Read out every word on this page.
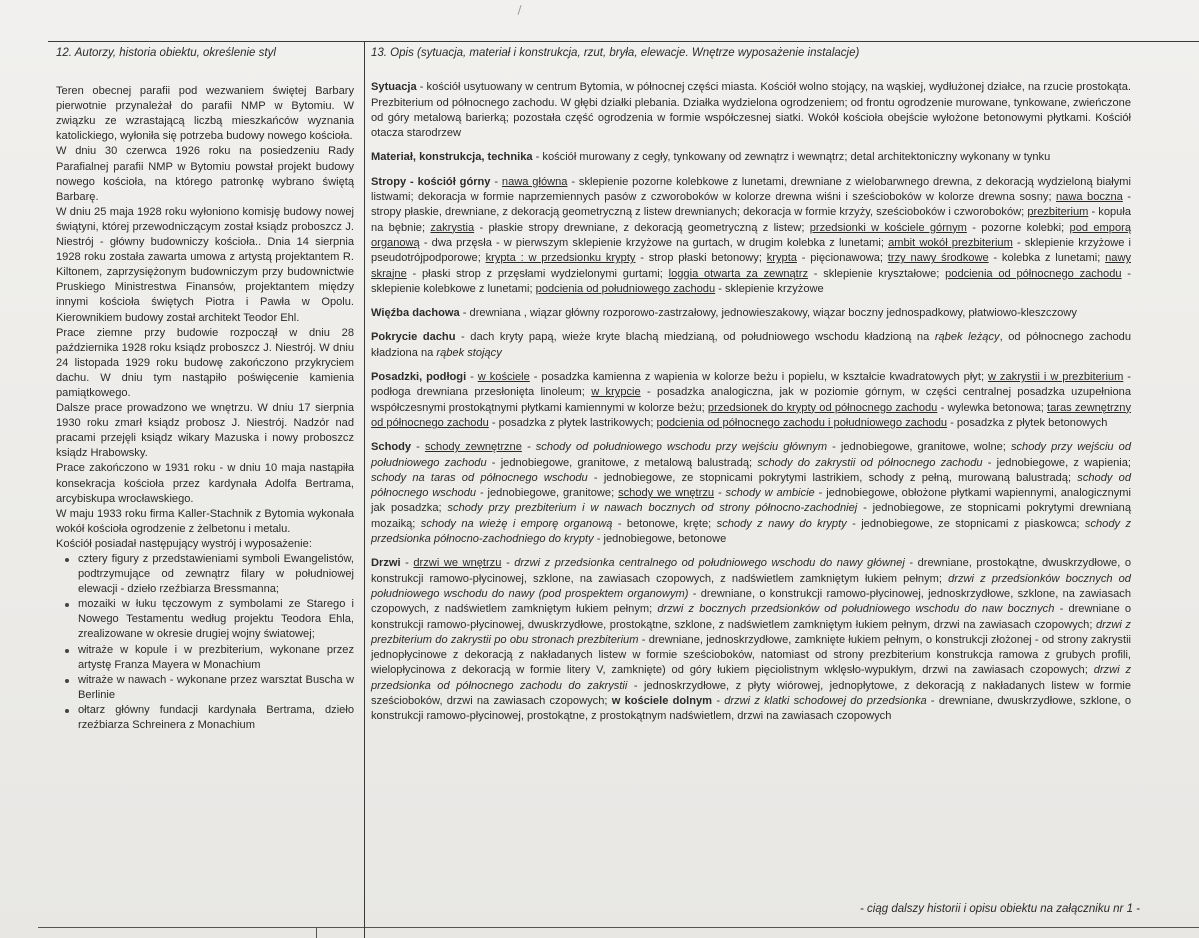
12. Autorzy, historia obiektu, określenie styl

Teren obecnej parafii pod wezwaniem świętej Barbary pierwotnie przynależał do parafii NMP w Bytomiu. W związku ze wzrastającą liczbą mieszkańców wyznania katolickiego, wyłoniła się potrzeba budowy nowego kościoła.

W dniu 30 czerwca 1926 roku na posiedzeniu Rady Parafialnej parafii NMP w Bytomiu powstał projekt budowy nowego kościoła, na którego patronkę wybrano świętą Barbarę.

W dniu 25 maja 1928 roku wyłoniono komisję budowy nowej świątyni, której przewodniczącym został ksiądz proboszcz J. Niestrój - główny budowniczy kościoła.. Dnia 14 sierpnia 1928 roku została zawarta umowa z artystą projektantem R. Kiltonem, zaprzysiężonym budowniczym przy budownictwie Pruskiego Ministrestwa Finansów, projektantem między innymi kościoła świętych Piotra i Pawła w Opolu. Kierownikiem budowy został architekt Teodor Ehl.

Prace ziemne przy budowie rozpoczął w dniu 28 października 1928 roku ksiądz proboszcz J. Niestrój. W dniu 24 listopada 1929 roku budowę zakończono przykryciem dachu. W dniu tym nastąpiło poświęcenie kamienia pamiątkowego.

Dalsze prace prowadzono we wnętrzu. W dniu 17 sierpnia 1930 roku zmarł ksiądz probosz J. Niestrój. Nadzór nad pracami przejęli ksiądz wikary Mazuska i nowy proboszcz ksiądz Hrabowsky.

Prace zakończono w 1931 roku - w dniu 10 maja nastąpiła konsekracja kościoła przez kardynała Adolfa Bertrama, arcybiskupa wrocławskiego.

W maju 1933 roku firma Kaller-Stachnik z Bytomia wykonała wokół kościoła ogrodzenie z żelbetonu i metalu.

Kościół posiadał następujący wystrój i wyposażenie:

cztery figury z przedstawieniami symboli Ewangelistów, podtrzymujące od zewnątrz filary w południowej elewacji - dzieło rzeźbiarza Bressmanna;
mozaiki w łuku tęczowym z symbolami ze Starego i Nowego Testamentu według projektu Teodora Ehla, zrealizowane w okresie drugiej wojny światowej;
witraże w kopule i w prezbiterium, wykonane przez artystę Franza Mayera w Monachium
witraże w nawach - wykonane przez warsztat Buscha w Berlinie
ołtarz główny fundacji kardynała Bertrama, dzieło rzeźbiarza Schreinera z Monachium
13. Opis (sytuacja, materiał i konstrukcja, rzut, bryła, elewacje. Wnętrze wyposażenie instalacje)

Sytuacja - kościół usytuowany w centrum Bytomia, w północnej części miasta. Kościół wolno stojący, na wąskiej, wydłużonej działce, na rzucie prostokąta. Prezbiterium od północnego zachodu. W głębi działki plebania. Działka wydzielona ogrodzeniem; od frontu ogrodzenie murowane, tynkowane, zwieńczone od góry metalową barierką; pozostała część ogrodzenia w formie współczesnej siatki. Wokół kościoła obejście wyłożone betonowymi płytkami. Kościół otacza starodrzew

Materiał, konstrukcja, technika - kościół murowany z cegły, tynkowany od zewnątrz i wewnątrz; detal architektoniczny wykonany w tynku

Stropy - kościół górny - nawa główna - sklepienie pozorne kolebkowe z lunetami, drewniane z wielobarwnego drewna, z dekoracją wydzieloną białymi listwami; dekoracja w formie naprzemiennych pasów z czworoboków w kolorze drewna wiśni i sześcioboków w kolorze drewna sosny; nawa boczna - stropy płaskie, drewniane, z dekoracją geometryczną z listew drewnianych; dekoracja w formie krzyży, sześcioboków i czworoboków; prezbiterium - kopuła na bębnie; zakrystia - płaskie stropy drewniane, z dekoracją geometryczną z listew; przedsionki w kościele górnym - pozorne kolebki; pod emporą organową - dwa przęsła - w pierwszym sklepienie krzyżowe na gurtach, w drugim kolebka z lunetami; ambit wokół prezbiterium - sklepienie krzyżowe i pseudotrójpodporowe; krypta : w przedsionku krypty - strop płaski betonowy; krypta - pięcionawowa; trzy nawy środkowe - kolebka z lunetami; nawy skrajne - płaski strop z przęsłami wydzielonymi gurtami; loggia otwarta za zewnątrz - sklepienie kryształowe; podcienia od północnego zachodu - sklepienie kolebkowe z lunetami; podcienia od południowego zachodu - sklepienie krzyżowe

Więźba dachowa - drewniana , wiązar główny rozporowo-zastrzałowy, jednowieszakowy, wiązar boczny jednospadkowy, płatwiowo-kleszczowy

Pokrycie dachu - dach kryty papą, wieże kryte blachą miedzianą, od południowego wschodu kładzioną na rąbek leżący, od północnego zachodu kładziona na rąbek stojący

Posadzki, podłogi - w kościele - posadzka kamienna z wapienia w kolorze beżu i popielu, w kształcie kwadratowych płyt; w zakrystii i w prezbiterium - podłoga drewniana przesłonięta linoleum; w krypcie - posadzka analogiczna, jak w poziomie górnym, w części centralnej posadzka uzupełniona współczesnymi prostokątnymi płytkami kamiennymi w kolorze beżu; przedsionek do krypty od północnego zachodu - wylewka betonowa; taras zewnętrzny od północnego zachodu - posadzka z płytek lastrikowych; podcienia od północnego zachodu i południowego zachodu - posadzka z płytek betonowych

Schody - schody zewnętrzne - schody od południowego wschodu przy wejściu głównym - jednobiegowe, granitowe, wolne; schody przy wejściu od południowego zachodu - jednobiegowe, granitowe, z metalową balustradą; schody do zakrystii od północnego zachodu - jednobiegowe, z wapienia; schody na taras od północnego wschodu - jednobiegowe, ze stopnicami pokrytymi lastrikiem, schody z pełną, murowaną balustradą; schody od północnego wschodu - jednobiegowe, granitowe; schody we wnętrzu - schody w ambicie - jednobiegowe, obłożone płytkami wapiennymi, analogicznymi jak posadzka; schody przy prezbiterium i w nawach bocznych od strony północno-zachodniej - jednobiegowe, ze stopnicami pokrytymi drewnianą mozaiką; schody na wieżę i emporę organową - betonowe, kręte; schody z nawy do krypty - jednobiegowe, ze stopnicami z piaskowca; schody z przedsionka północno-zachodniego do krypty - jednobiegowe, betonowe

Drzwi - drzwi we wnętrzu - drzwi z przedsionka centralnego od południowego wschodu do nawy głównej - drewniane, prostokątne, dwuskrzydłowe, o konstrukcji ramowo-płycinowej, szklone, na zawiasach czopowych, z nadświetlem zamkniętym łukiem pełnym; drzwi z przedsionków bocznych od południowego wschodu do nawy (pod prospektem organowym) - drewniane, o konstrukcji ramowo-płycinowej, jednoskrzydłowe, szklone, na zawiasach czopowych, z nadświetlem zamkniętym łukiem pełnym; drzwi z bocznych przedsionków od południowego wschodu do naw bocznych - drewniane o konstrukcji ramowo-płycinowej, dwuskrzydłowe, prostokątne, szklone, z nadświetlem zamkniętym łukiem pełnym, drzwi na zawiasach czopowych; drzwi z prezbiterium do zakrystii po obu stronach prezbiterium - drewniane, jednoskrzydłowe, zamknięte łukiem pełnym, o konstrukcji złożonej - od strony zakrystii jednopłycinowe z dekoracją z nakładanych listew w formie sześcioboków, natomiast od strony prezbiterium konstrukcja ramowa z grubych profili, wielopłycinowa z dekoracją w formie litery V, zamknięte) od góry łukiem pięciolistnym wklęsło-wypukłym, drzwi na zawiasach czopowych; drzwi z przedsionka od północnego zachodu do zakrystii - jednoskrzydłowe, z płyty wiórowej, jednopłytowe, z dekoracją z nakładanych listew w formie sześcioboków, drzwi na zawiasach czopowych; w kościele dolnym - drzwi z klatki schodowej do przedsionka - drewniane, dwuskrzydłowe, szklone, o konstrukcji ramowo-płycinowej, prostokątne, z prostokątnym nadświetlem, drzwi na zawiasach czopowych

- ciąg dalszy historii i opisu obiektu na załączniku nr 1 -
